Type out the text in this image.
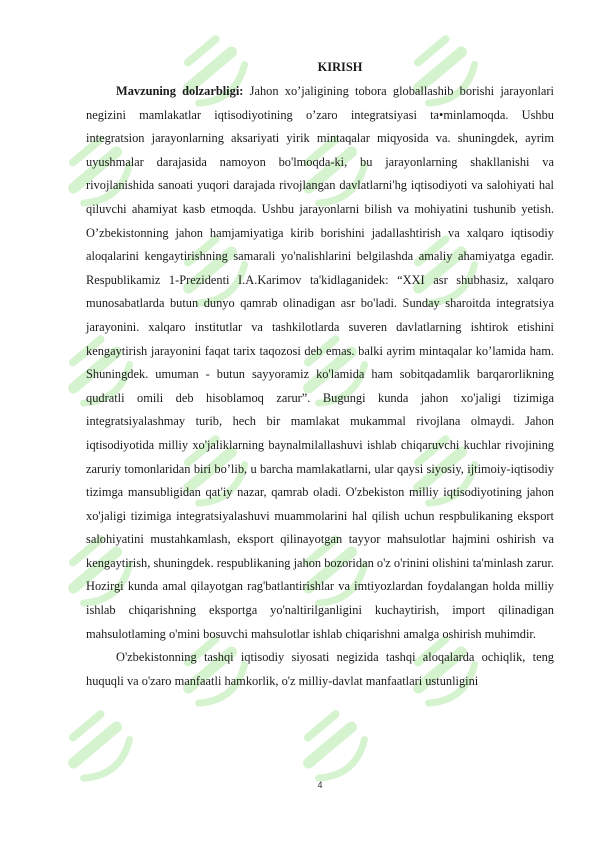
KIRISH

Mavzuning dolzarbligi: Jahon xo’jaligining tobora globallashib borishi jarayonlari negizini mamlakatlar iqtisodiyotining o’zaro integratsiyasi ta•minlamoqda. Ushbu integratsion jarayonlarning aksariyati yirik mintaqalar miqyosida va. shuningdek, ayrim uyushmalar darajasida namoyon bo'lmoqda-ki, bu jarayonlarning shakllanishi va rivojlanishida sanoati yuqori darajada rivojlangan davlatlarni'hg iqtisodiyoti va salohiyati hal qiluvchi ahamiyat kasb etmoqda. Ushbu jarayonlarni bilish va mohiyatini tushunib yetish. O’zbekistonning jahon hamjamiyatiga kirib borishini jadallashtirish va xalqaro iqtisodiy aloqalarini kengaytirishning samarali yo'nalishlarini belgilashda amaliy ahamiyatga egadir. Respublikamiz 1-Prezidenti I.A.Karimov ta'kidlaganidek: “XXI asr shubhasiz, xalqaro munosabatlarda butun dunyo qamrab olinadigan asr bo'ladi. Sunday sharoitda integratsiya jarayonini. xalqaro institutlar va tashkilotlarda suveren davlatlarning ishtirok etishini kengaytirish jarayonini faqat tarix taqozosi deb emas. balki ayrim mintaqalar ko’lamida ham. Shuningdek. umuman - butun sayyoramiz ko'lamida ham sobitqadamlik barqarorlikning qudratli omili deb hisoblamoq zarur”. Bugungi kunda jahon xo'jaligi tizimiga integratsiyalashmay turib, hech bir mamlakat mukammal rivojlana olmaydi. Jahon iqtisodiyotida milliy xo'jaliklarning baynalmilallashuvi ishlab chiqaruvchi kuchlar rivojining zaruriy tomonlaridan biri bo’lib, u barcha mamlakatlarni, ular qaysi siyosiy, ijtimoiy-iqtisodiy tizimga mansubligidan qat'iy nazar, qamrab oladi. O'zbekiston milliy iqtisodiyotining jahon xo'jaligi tizimiga integratsiyalashuvi muammolarini hal qilish uchun respbulikaning eksport salohiyatini mustahkamlash, eksport qilinayotgan tayyor mahsulotlar hajmini oshirish va kengaytirish, shuningdek. respublikaning jahon bozoridan o'z o'rinini olishini ta'minlash zarur. Hozirgi kunda amal qilayotgan rag'batlantirishlar va imtiyozlardan foydalangan holda milliy ishlab chiqarishning eksportga yo'naltirilganligini kuchaytirish, import qilinadigan mahsulotlaming o'mini bosuvchi mahsulotlar ishlab chiqarishni amalga oshirish muhimdir.

O'zbekistonning tashqi iqtisodiy siyosati negizida tashqi aloqalarda ochiqlik, teng huquqli va o'zaro manfaatli hamkorlik, o'z milliy-davlat manfaatlari ustunligini

4
